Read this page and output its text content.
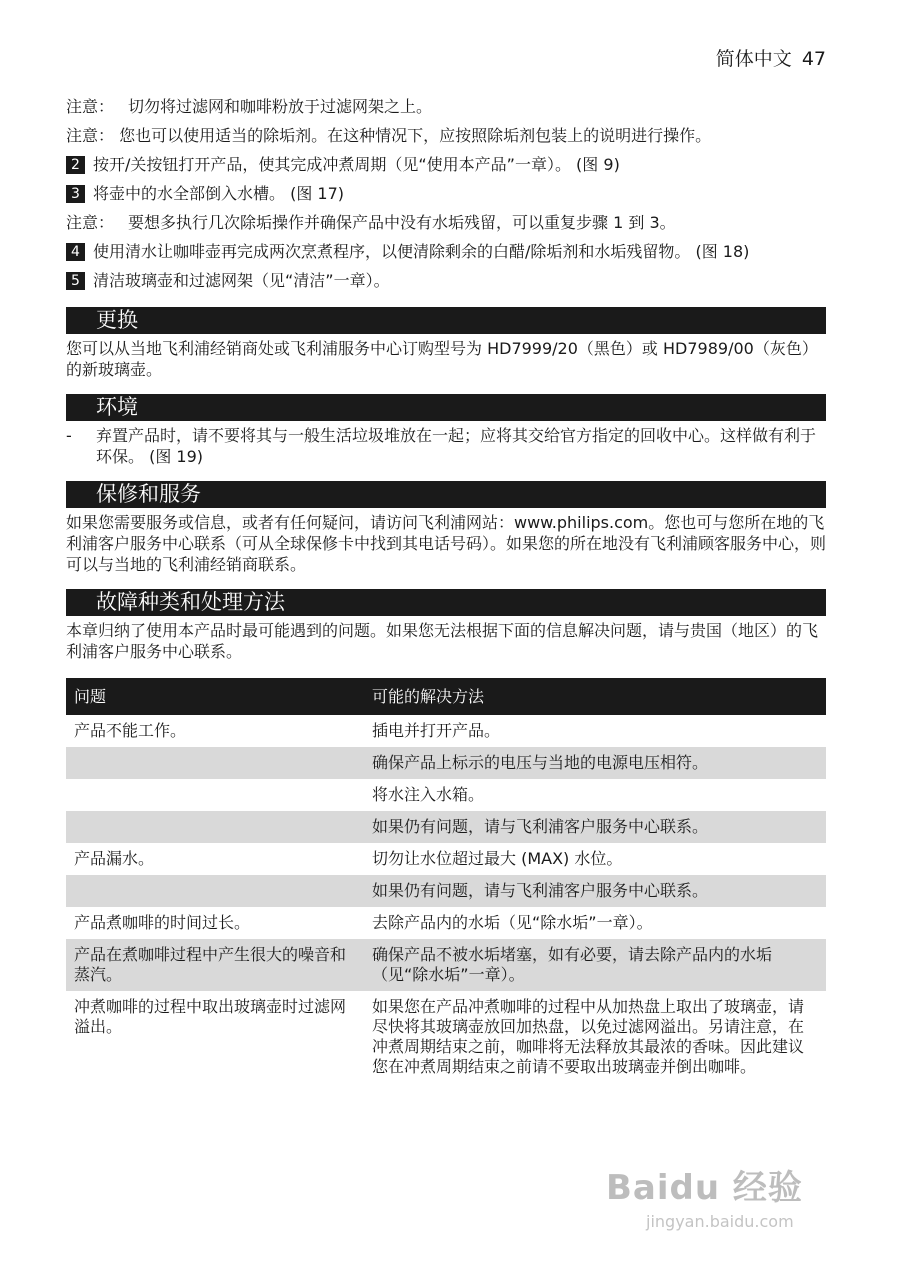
简体中文 47
注意： 切勿将过滤网和咖啡粉放于过滤网架之上。
注意： 您也可以使用适当的除垢剂。在这种情况下，应按照除垢剂包装上的说明进行操作。
2 按开/关按钮打开产品，使其完成冲煮周期（见“使用本产品”一章）。 (图 9)
3 将壶中的水全部倒入水槽。 (图 17)
注意： 要想多执行几次除垢操作并确保产品中没有水垢残留，可以重复步骤 1 到 3。
4 使用清水让咖啡壶再完成两次烹煮程序，以便清除剩余的白醋/除垢剂和水垢残留物。 (图 18)
5 清洁玻璃壶和过滤网架（见“清洁”一章）。
更换
您可以从当地飞利浦经销商处或飞利浦服务中心订购型号为 HD7999/20（黑色）或 HD7989/00（灰色）的新玻璃壶。
环境
-	弃置产品时，请不要将其与一般生活垃圾堆放在一起；应将其交给官方指定的回收中心。这样做有利于环保。 (图 19)
保修和服务
如果您需要服务或信息，或者有任何疑问，请访问飞利浦网站：www.philips.com。您也可与您所在地的飞利浦客户服务中心联系（可从全球保修卡中找到其电话号码）。如果您的所在地没有飞利浦顾客服务中心，则可以与当地的飞利浦经销商联系。
故障种类和处理方法
本章归纳了使用本产品时最可能遇到的问题。如果您无法根据下面的信息解决问题，请与贵国（地区）的飞利浦客户服务中心联系。
问题	可能的解决方法
产品不能工作。	插电并打开产品。
	确保产品上标示的电压与当地的电源电压相符。
	将水注入水箱。
	如果仍有问题，请与飞利浦客户服务中心联系。
产品漏水。	切勿让水位超过最大 (MAX) 水位。
	如果仍有问题，请与飞利浦客户服务中心联系。
产品煮咖啡的时间过长。	去除产品内的水垢（见“除水垢”一章）。
产品在煮咖啡过程中产生很大的噪音和蒸汽。	确保产品不被水垢堵塞，如有必要，请去除产品内的水垢（见“除水垢”一章）。
冲煮咖啡的过程中取出玻璃壶时过滤网溢出。	如果您在产品冲煮咖啡的过程中从加热盘上取出了玻璃壶，请尽快将其玻璃壶放回加热盘，以免过滤网溢出。另请注意，在冲煮周期结束之前，咖啡将无法释放其最浓的香味。因此建议您在冲煮周期结束之前请不要取出玻璃壶并倒出咖啡。
Baidu 经验
jingyan.baidu.com
